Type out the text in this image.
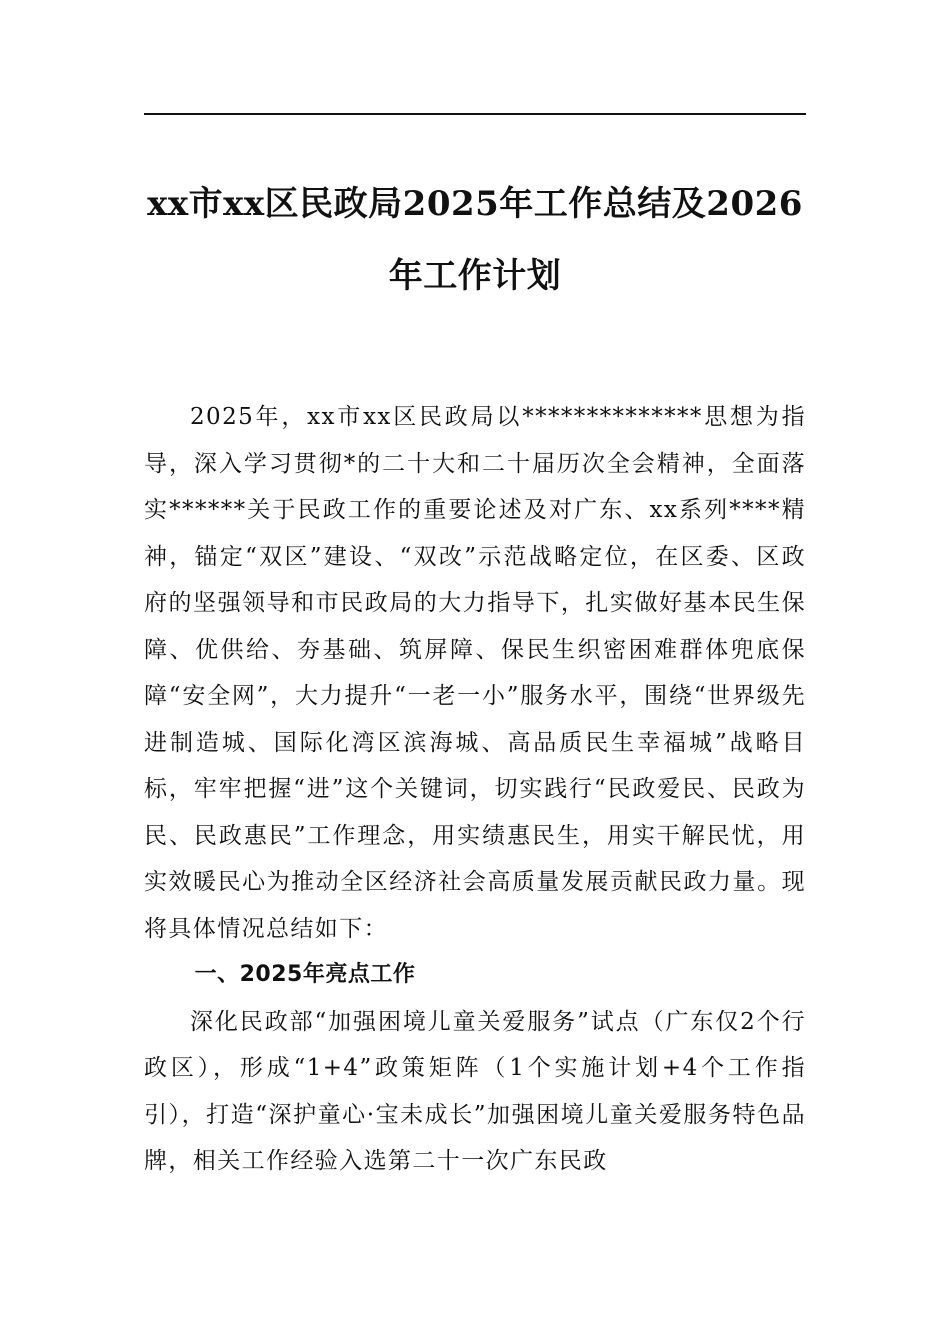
xx市xx区民政局2025年工作总结及2026年工作计划

2025年，xx市xx区民政局以**************思想为指导，深入学习贯彻*的二十大和二十届历次全会精神，全面落实******关于民政工作的重要论述及对广东、xx系列****精神，锚定“双区”建设、“双改”示范战略定位，在区委、区政府的坚强领导和市民政局的大力指导下，扎实做好基本民生保障、优供给、夯基础、筑屏障、保民生织密困难群体兜底保障“安全网”，大力提升“一老一小”服务水平，围绕“世界级先进制造城、国际化湾区滨海城、高品质民生幸福城”战略目标，牢牢把握“进”这个关键词，切实践行“民政爱民、民政为民、民政惠民”工作理念，用实绩惠民生，用实干解民忧，用实效暖民心为推动全区经济社会高质量发展贡献民政力量。现将具体情况总结如下：

一、2025年亮点工作

深化民政部“加强困境儿童关爱服务”试点（广东仅2个行政区），形成“1+4”政策矩阵（1个实施计划+4个工作指引），打造“深护童心·宝未成长”加强困境儿童关爱服务特色品牌，相关工作经验入选第二十一次广东民政
